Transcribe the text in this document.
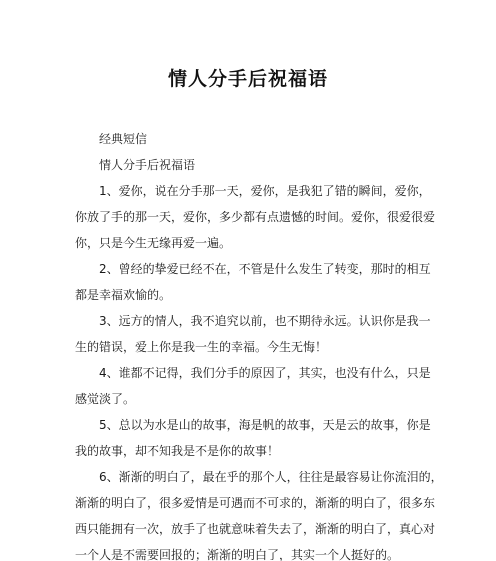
情人分手后祝福语
经典短信
情人分手后祝福语
1、爱你，说在分手那一天，爱你，是我犯了错的瞬间，爱你，
你放了手的那一天，爱你，多少都有点遗憾的时间。爱你，很爱很爱
你，只是今生无缘再爱一遍。
2、曾经的挚爱已经不在，不管是什么发生了转变，那时的相互
都是幸福欢愉的。
3、远方的情人，我不追究以前，也不期待永远。认识你是我一
生的错误，爱上你是我一生的幸福。今生无悔！
4、谁都不记得，我们分手的原因了，其实，也没有什么，只是
感觉淡了。
5、总以为水是山的故事，海是帆的故事，天是云的故事，你是
我的故事，却不知我是不是你的故事！
6、渐渐的明白了，最在乎的那个人，往往是最容易让你流泪的，
渐渐的明白了，很多爱情是可遇而不可求的，渐渐的明白了，很多东
西只能拥有一次，放手了也就意味着失去了，渐渐的明白了，真心对
一个人是不需要回报的；渐渐的明白了，其实一个人挺好的。
